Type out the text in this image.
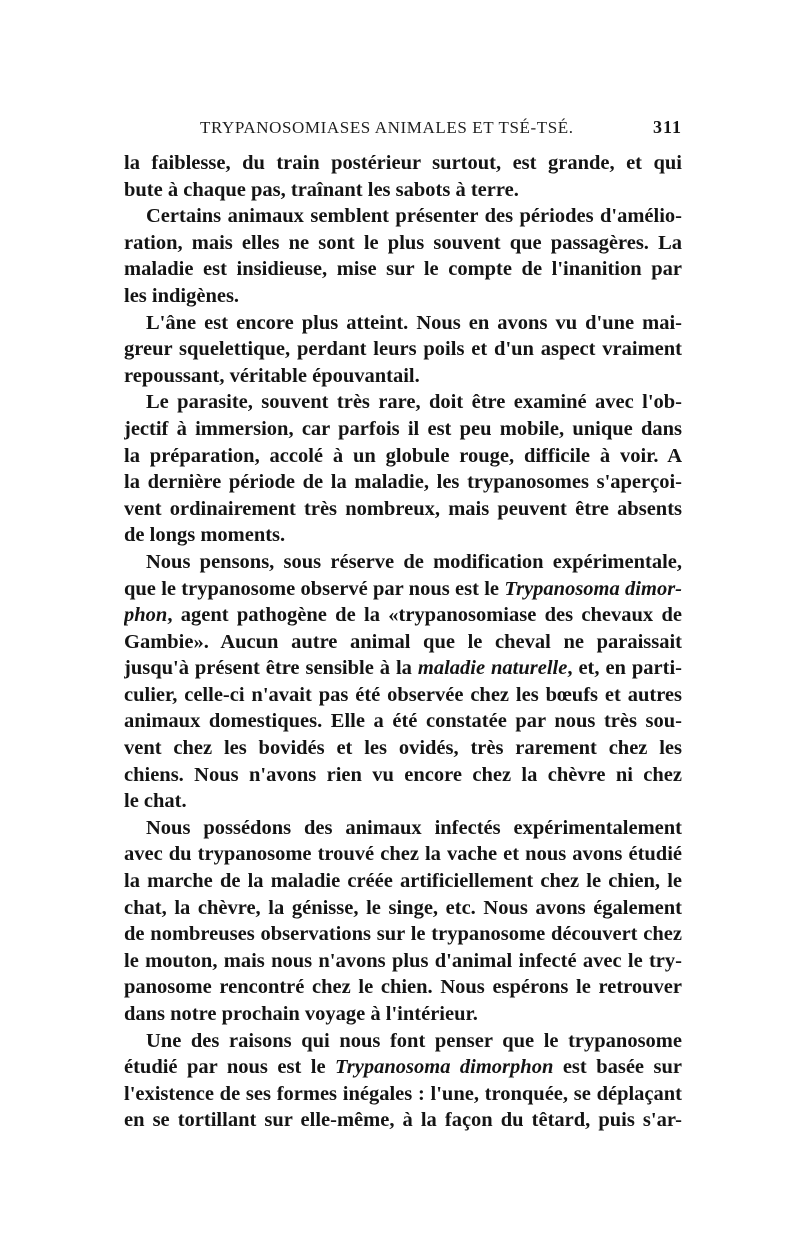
TRYPANOSOMIASES ANIMALES ET TSÉ-TSÉ.	311
la faiblesse, du train postérieur surtout, est grande, et qui
bute à chaque pas, traînant les sabots à terre.
Certains animaux semblent présenter des périodes d'amélio-
ration, mais elles ne sont le plus souvent que passagères. La
maladie est insidieuse, mise sur le compte de l'inanition par
les indigènes.
L'âne est encore plus atteint. Nous en avons vu d'une mai-
greur squelettique, perdant leurs poils et d'un aspect vraiment
repoussant, véritable épouvantail.
Le parasite, souvent très rare, doit être examiné avec l'ob-
jectif à immersion, car parfois il est peu mobile, unique dans
la préparation, accolé à un globule rouge, difficile à voir. A
la dernière période de la maladie, les trypanosomes s'aperçoi-
vent ordinairement très nombreux, mais peuvent être absents
de longs moments.
Nous pensons, sous réserve de modification expérimentale,
que le trypanosome observé par nous est le Trypanosoma dimor-
phon, agent pathogène de la «trypanosomiase des chevaux de
Gambie». Aucun autre animal que le cheval ne paraissait
jusqu'à présent être sensible à la maladie naturelle, et, en parti-
culier, celle-ci n'avait pas été observée chez les bœufs et autres
animaux domestiques. Elle a été constatée par nous très sou-
vent chez les bovidés et les ovidés, très rarement chez les
chiens. Nous n'avons rien vu encore chez la chèvre ni chez
le chat.
Nous possédons des animaux infectés expérimentalement
avec du trypanosome trouvé chez la vache et nous avons étudié
la marche de la maladie créée artificiellement chez le chien, le
chat, la chèvre, la génisse, le singe, etc. Nous avons également
de nombreuses observations sur le trypanosome découvert chez
le mouton, mais nous n'avons plus d'animal infecté avec le try-
panosome rencontré chez le chien. Nous espérons le retrouver
dans notre prochain voyage à l'intérieur.
Une des raisons qui nous font penser que le trypanosome
étudié par nous est le Trypanosoma dimorphon est basée sur
l'existence de ses formes inégales : l'une, tronquée, se déplaçant
en se tortillant sur elle-même, à la façon du têtard, puis s'ar-
